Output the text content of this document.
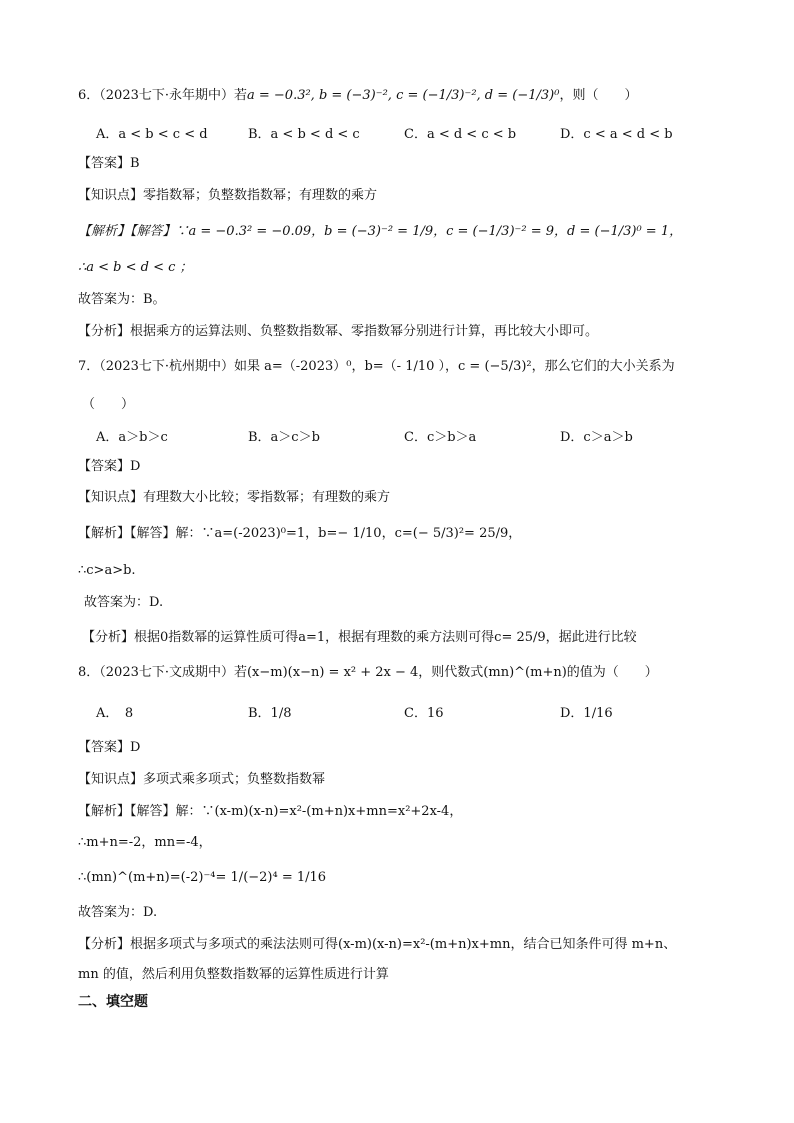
6．（2023七下·永年期中）若a = −0.3², b = (−3)⁻², c = (−1/3)⁻², d = (−1/3)⁰，则（　　）
A．a < b < c < d	B．a < b < d < c	C．a < d < c < b	D．c < a < d < b
【答案】B
【知识点】零指数幂；负整数指数幂；有理数的乘方
【解析】【解答】∵a = −0.3² = −0.09，b = (−3)⁻² = 1/9，c = (−1/3)⁻² = 9，d = (−1/3)⁰ = 1，
∴a < b < d < c ；
故答案为：B。
【分析】根据乘方的运算法则、负整数指数幂、零指数幂分别进行计算，再比较大小即可。
7．（2023七下·杭州期中）如果 a=（-2023）⁰，b=（- 1/10 ），c = (−5/3)²，那么它们的大小关系为
（　　）
A．a＞b＞c	B．a＞c＞b	C．c＞b＞a	D．c＞a＞b
【答案】D
【知识点】有理数大小比较；零指数幂；有理数的乘方
【解析】【解答】解：∵a=(-2023)⁰=1，b=− 1/10，c=(− 5/3)²= 25/9，
∴c>a>b.
故答案为：D.
【分析】根据0指数幂的运算性质可得a=1，根据有理数的乘方法则可得c= 25/9，据此进行比较
8．（2023七下·文成期中）若(x−m)(x−n) = x² + 2x − 4，则代数式(mn)^(m+n)的值为（　　）
A．　8	B．1/8	C．16	D．1/16
【答案】D
【知识点】多项式乘多项式；负整数指数幂
【解析】【解答】解：∵(x-m)(x-n)=x²-(m+n)x+mn=x²+2x-4，
∴m+n=-2，mn=-4，
∴(mn)^(m+n)=(-2)⁻⁴= 1/(−2)⁴ = 1/16
故答案为：D.
【分析】根据多项式与多项式的乘法法则可得(x-m)(x-n)=x²-(m+n)x+mn，结合已知条件可得 m+n、
mn 的值，然后利用负整数指数幂的运算性质进行计算
二、填空题
